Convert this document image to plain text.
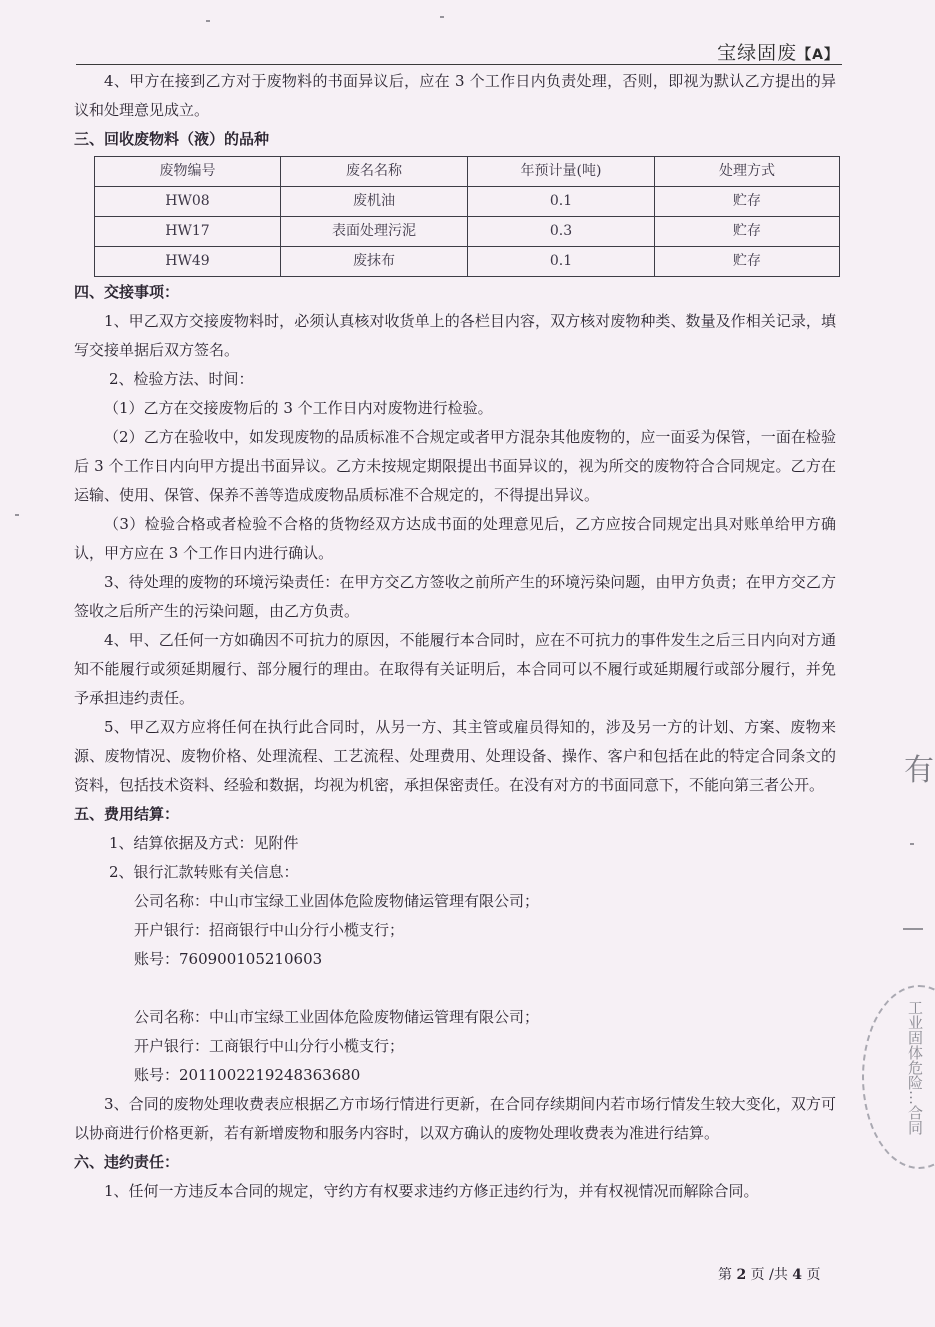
宝绿固废【A】

4、甲方在接到乙方对于废物料的书面异议后，应在 3 个工作日内负责处理，否则，即视为默认乙方提出的异议和处理意见成立。

三、回收废物料（液）的品种

废物编号	废名名称	年预计量(吨)	处理方式
HW08	废机油	0.1	贮存
HW17	表面处理污泥	0.3	贮存
HW49	废抹布	0.1	贮存

四、交接事项：

1、甲乙双方交接废物料时，必须认真核对收货单上的各栏目内容，双方核对废物种类、数量及作相关记录，填写交接单据后双方签名。

2、检验方法、时间：

（1）乙方在交接废物后的 3 个工作日内对废物进行检验。

（2）乙方在验收中，如发现废物的品质标准不合规定或者甲方混杂其他废物的，应一面妥为保管，一面在检验后 3 个工作日内向甲方提出书面异议。乙方未按规定期限提出书面异议的，视为所交的废物符合合同规定。乙方在运输、使用、保管、保养不善等造成废物品质标准不合规定的，不得提出异议。

（3）检验合格或者检验不合格的货物经双方达成书面的处理意见后，乙方应按合同规定出具对账单给甲方确认，甲方应在 3 个工作日内进行确认。

3、待处理的废物的环境污染责任：在甲方交乙方签收之前所产生的环境污染问题，由甲方负责；在甲方交乙方签收之后所产生的污染问题，由乙方负责。

4、甲、乙任何一方如确因不可抗力的原因，不能履行本合同时，应在不可抗力的事件发生之后三日内向对方通知不能履行或须延期履行、部分履行的理由。在取得有关证明后，本合同可以不履行或延期履行或部分履行，并免予承担违约责任。

5、甲乙双方应将任何在执行此合同时，从另一方、其主管或雇员得知的，涉及另一方的计划、方案、废物来源、废物情况、废物价格、处理流程、工艺流程、处理费用、处理设备、操作、客户和包括在此的特定合同条文的资料，包括技术资料、经验和数据，均视为机密，承担保密责任。在没有对方的书面同意下，不能向第三者公开。

五、费用结算：

1、结算依据及方式：见附件

2、银行汇款转账有关信息：

公司名称：中山市宝绿工业固体危险废物储运管理有限公司；

开户银行：招商银行中山分行小榄支行；

账号：760900105210603

公司名称：中山市宝绿工业固体危险废物储运管理有限公司；

开户银行：工商银行中山分行小榄支行；

账号：2011002219248363680

3、合同的废物处理收费表应根据乙方市场行情进行更新，在合同存续期间内若市场行情发生较大变化，双方可以协商进行价格更新，若有新增废物和服务内容时，以双方确认的废物处理收费表为准进行结算。

六、违约责任：

1、任何一方违反本合同的规定，守约方有权要求违约方修正违约行为，并有权视情况而解除合同。

第 2 页 /共 4 页
有
工业固体危险…合同
